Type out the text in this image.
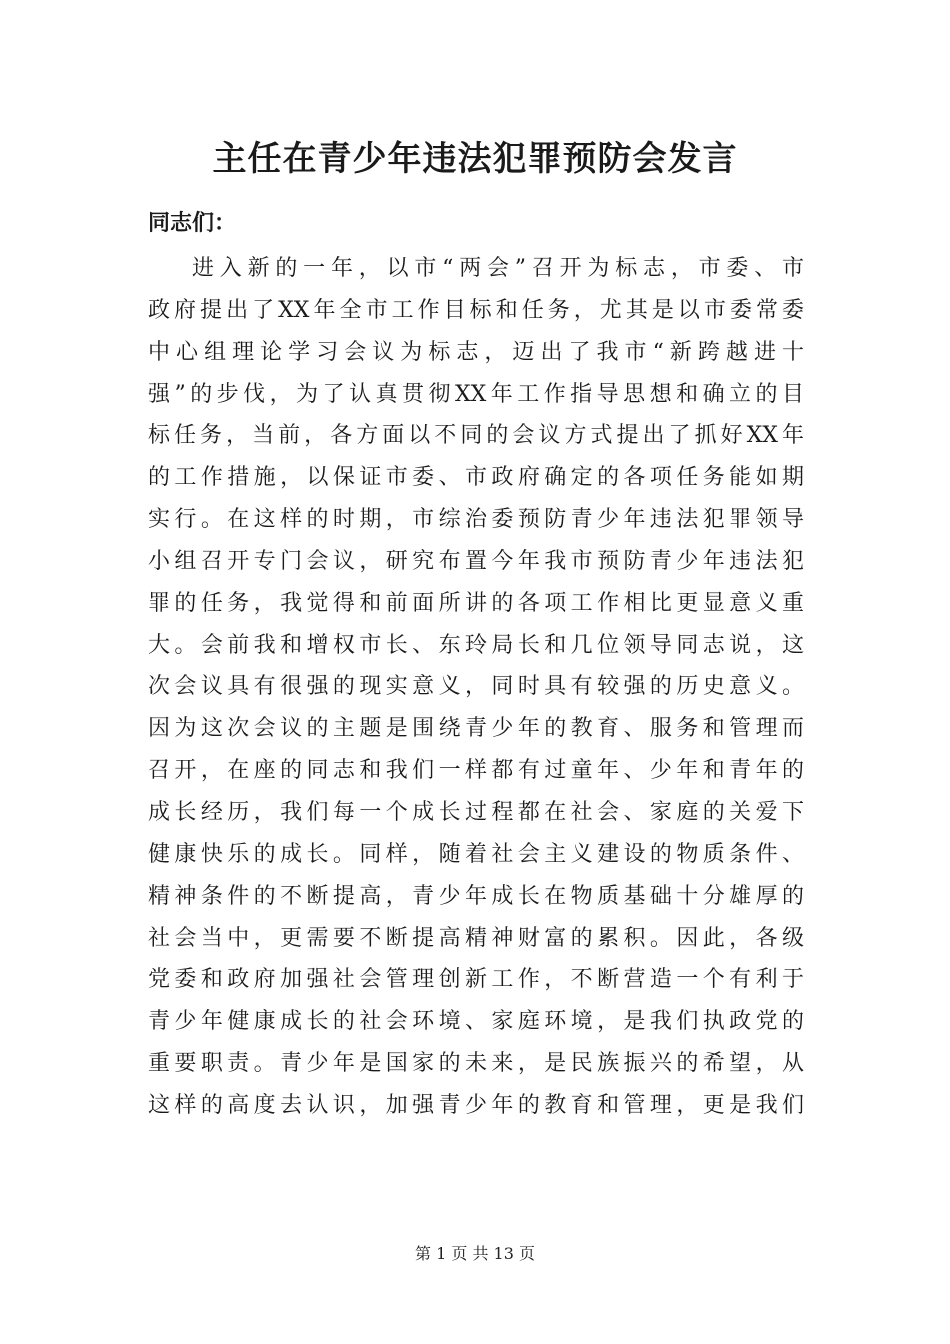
主任在青少年违法犯罪预防会发言

同志们：

进入新的一年，以市“两会”召开为标志，市委、市
政府提出了XX年全市工作目标和任务，尤其是以市委常委
中心组理论学习会议为标志，迈出了我市“新跨越进十
强”的步伐，为了认真贯彻XX年工作指导思想和确立的目
标任务，当前，各方面以不同的会议方式提出了抓好XX年
的工作措施，以保证市委、市政府确定的各项任务能如期
实行。在这样的时期，市综治委预防青少年违法犯罪领导
小组召开专门会议，研究布置今年我市预防青少年违法犯
罪的任务，我觉得和前面所讲的各项工作相比更显意义重
大。会前我和增权市长、东玲局长和几位领导同志说，这
次会议具有很强的现实意义，同时具有较强的历史意义。
因为这次会议的主题是围绕青少年的教育、服务和管理而
召开，在座的同志和我们一样都有过童年、少年和青年的
成长经历，我们每一个成长过程都在社会、家庭的关爱下
健康快乐的成长。同样，随着社会主义建设的物质条件、
精神条件的不断提高，青少年成长在物质基础十分雄厚的
社会当中，更需要不断提高精神财富的累积。因此，各级
党委和政府加强社会管理创新工作，不断营造一个有利于
青少年健康成长的社会环境、家庭环境，是我们执政党的
重要职责。青少年是国家的未来，是民族振兴的希望，从
这样的高度去认识，加强青少年的教育和管理，更是我们
第 1 页 共 13 页
